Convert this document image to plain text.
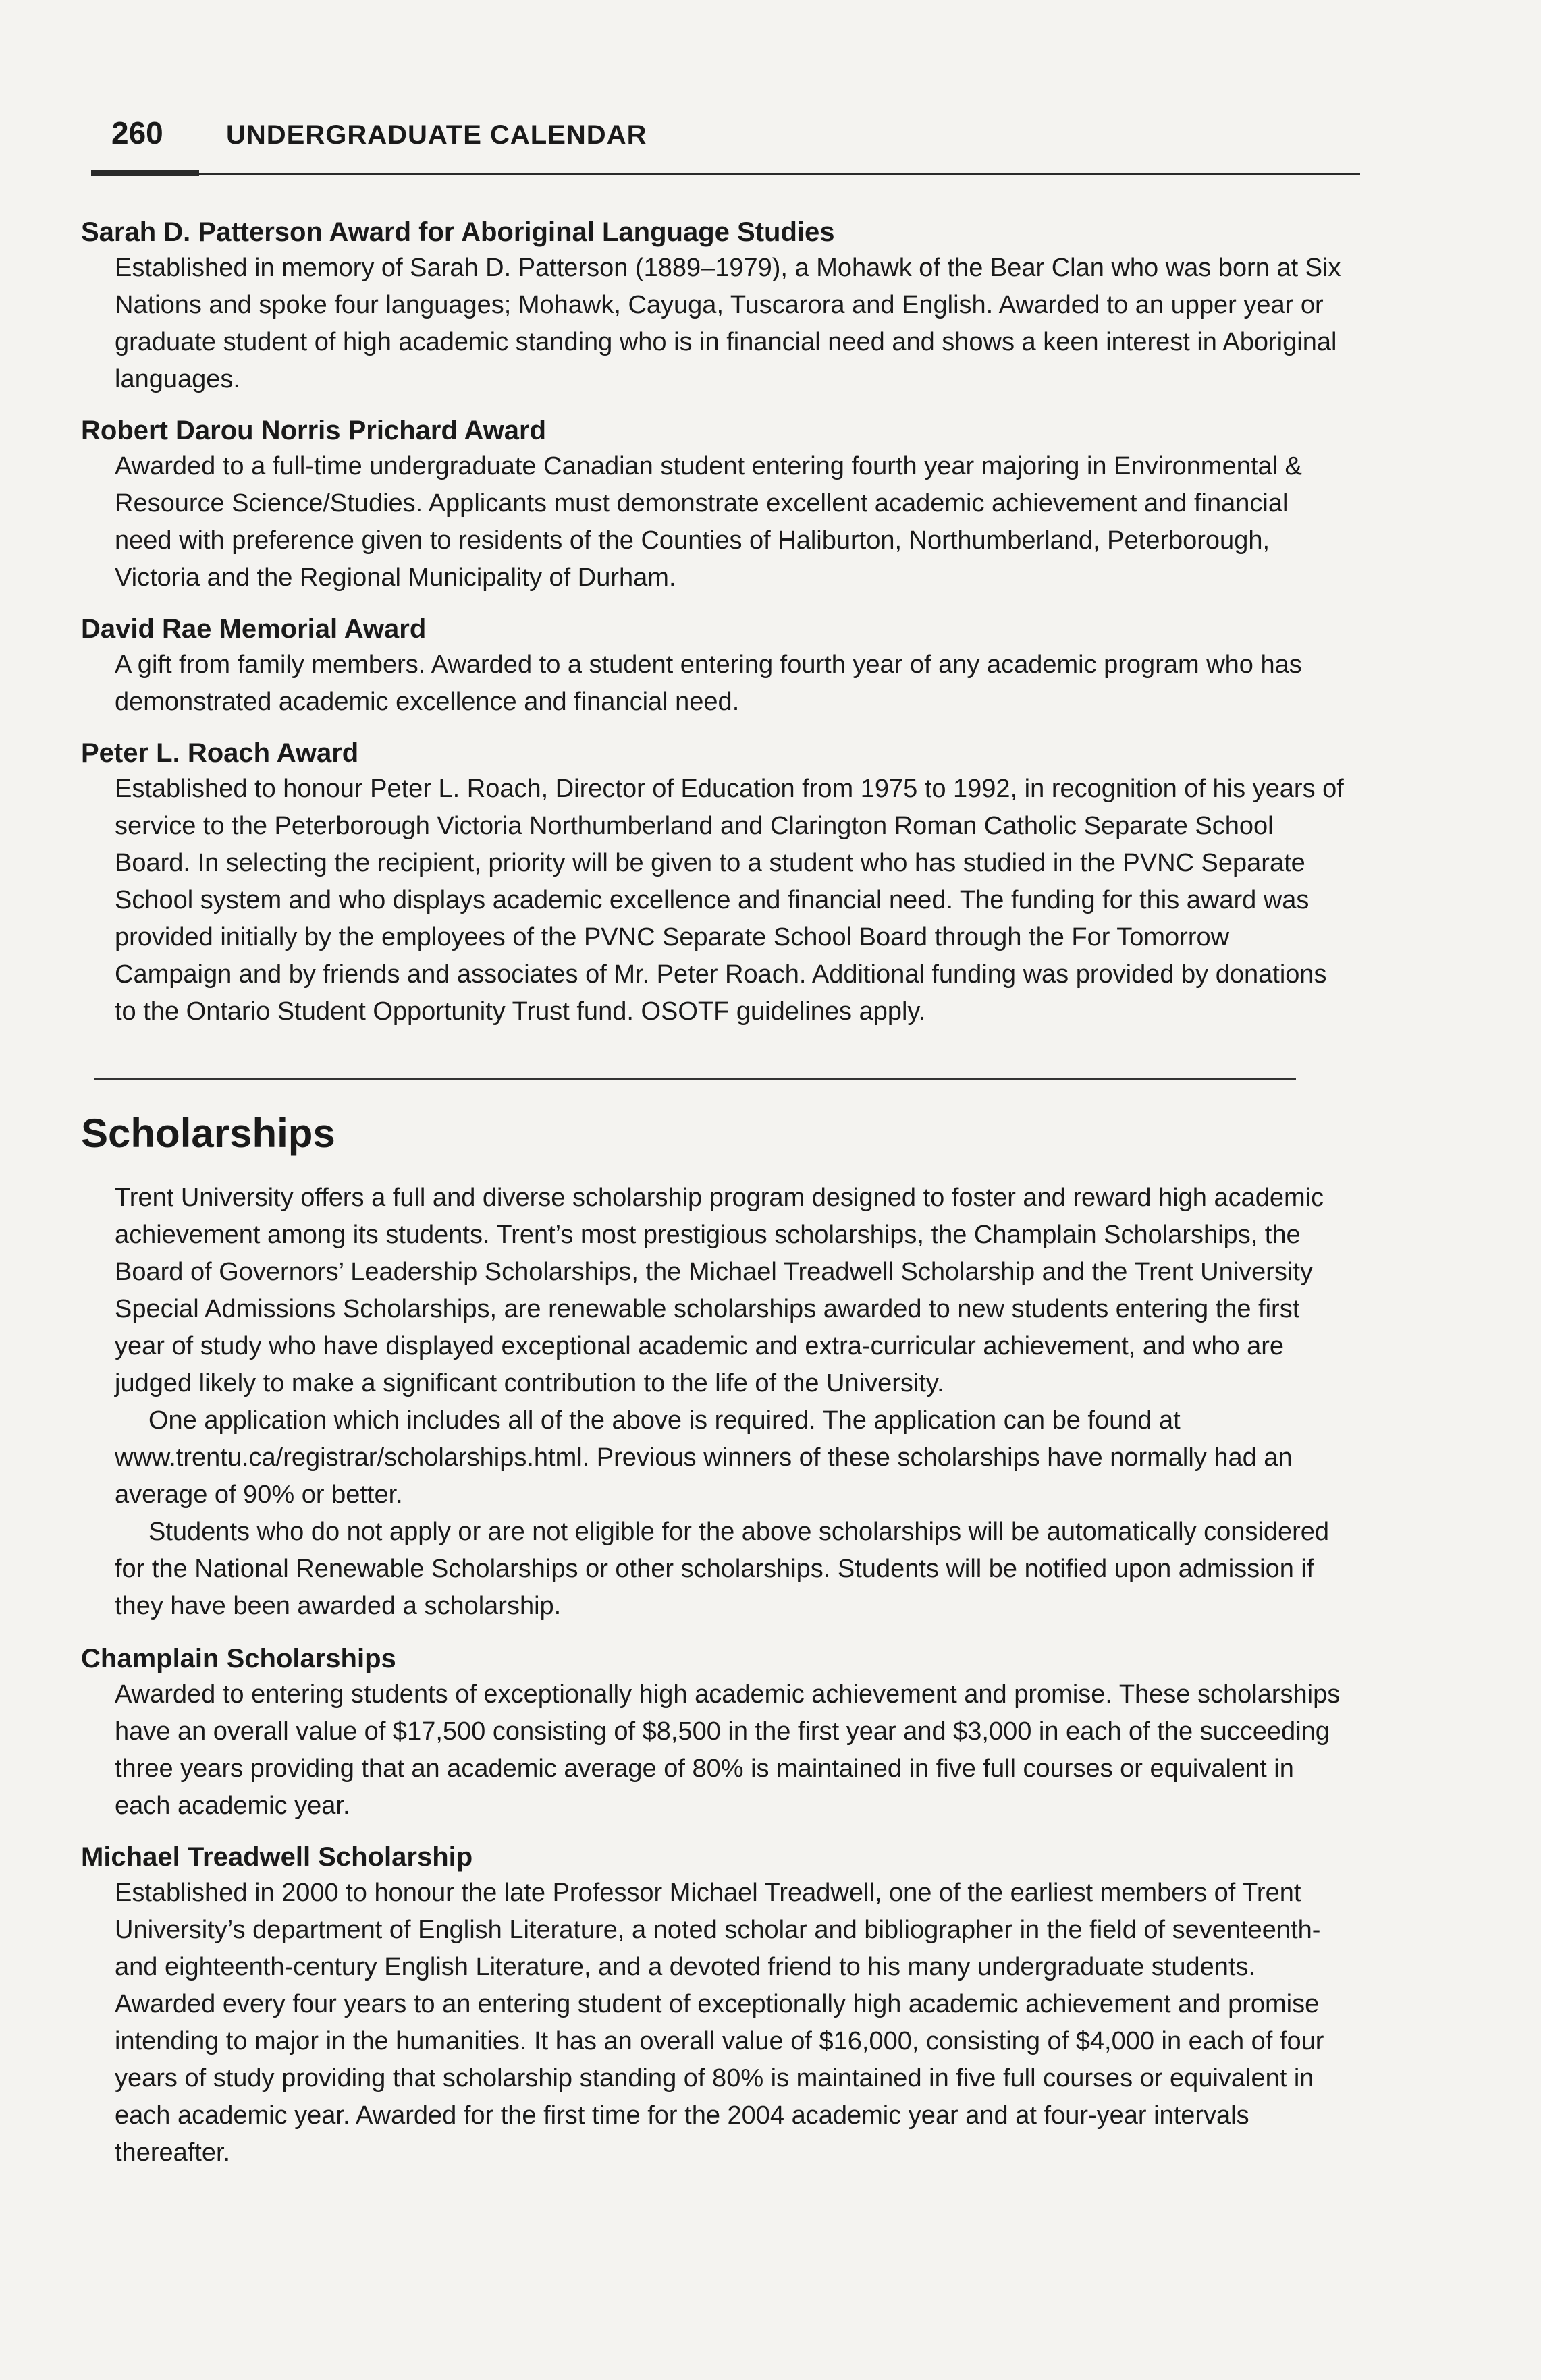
260 UNDERGRADUATE CALENDAR

Sarah D. Patterson Award for Aboriginal Language Studies

Established in memory of Sarah D. Patterson (1889–1979), a Mohawk of the Bear Clan who was born at Six Nations and spoke four languages; Mohawk, Cayuga, Tuscarora and English. Awarded to an upper year or graduate student of high academic standing who is in financial need and shows a keen interest in Aboriginal languages.

Robert Darou Norris Prichard Award

Awarded to a full-time undergraduate Canadian student entering fourth year majoring in Environmental & Resource Science/Studies. Applicants must demonstrate excellent academic achievement and financial need with preference given to residents of the Counties of Haliburton, Northumberland, Peterborough, Victoria and the Regional Municipality of Durham.

David Rae Memorial Award

A gift from family members. Awarded to a student entering fourth year of any academic program who has demonstrated academic excellence and financial need.

Peter L. Roach Award

Established to honour Peter L. Roach, Director of Education from 1975 to 1992, in recognition of his years of service to the Peterborough Victoria Northumberland and Clarington Roman Catholic Separate School Board. In selecting the recipient, priority will be given to a student who has studied in the PVNC Separate School system and who displays academic excellence and financial need. The funding for this award was provided initially by the employees of the PVNC Separate School Board through the For Tomorrow Campaign and by friends and associates of Mr. Peter Roach. Additional funding was provided by donations to the Ontario Student Opportunity Trust fund. OSOTF guidelines apply.

Scholarships

Trent University offers a full and diverse scholarship program designed to foster and reward high academic achievement among its students. Trent’s most prestigious scholarships, the Champlain Scholarships, the Board of Governors’ Leadership Scholarships, the Michael Treadwell Scholarship and the Trent University Special Admissions Scholarships, are renewable scholarships awarded to new students entering the first year of study who have displayed exceptional academic and extra-curricular achievement, and who are judged likely to make a significant contribution to the life of the University.

One application which includes all of the above is required. The application can be found at www.trentu.ca/registrar/scholarships.html. Previous winners of these scholarships have normally had an average of 90% or better.

Students who do not apply or are not eligible for the above scholarships will be automatically considered for the National Renewable Scholarships or other scholarships. Students will be notified upon admission if they have been awarded a scholarship.

Champlain Scholarships

Awarded to entering students of exceptionally high academic achievement and promise. These scholarships have an overall value of $17,500 consisting of $8,500 in the first year and $3,000 in each of the succeeding three years providing that an academic average of 80% is maintained in five full courses or equivalent in each academic year.

Michael Treadwell Scholarship

Established in 2000 to honour the late Professor Michael Treadwell, one of the earliest members of Trent University’s department of English Literature, a noted scholar and bibliographer in the field of seventeenth-and eighteenth-century English Literature, and a devoted friend to his many undergraduate students. Awarded every four years to an entering student of exceptionally high academic achievement and promise intending to major in the humanities. It has an overall value of $16,000, consisting of $4,000 in each of four years of study providing that scholarship standing of 80% is maintained in five full courses or equivalent in each academic year. Awarded for the first time for the 2004 academic year and at four-year intervals thereafter.
